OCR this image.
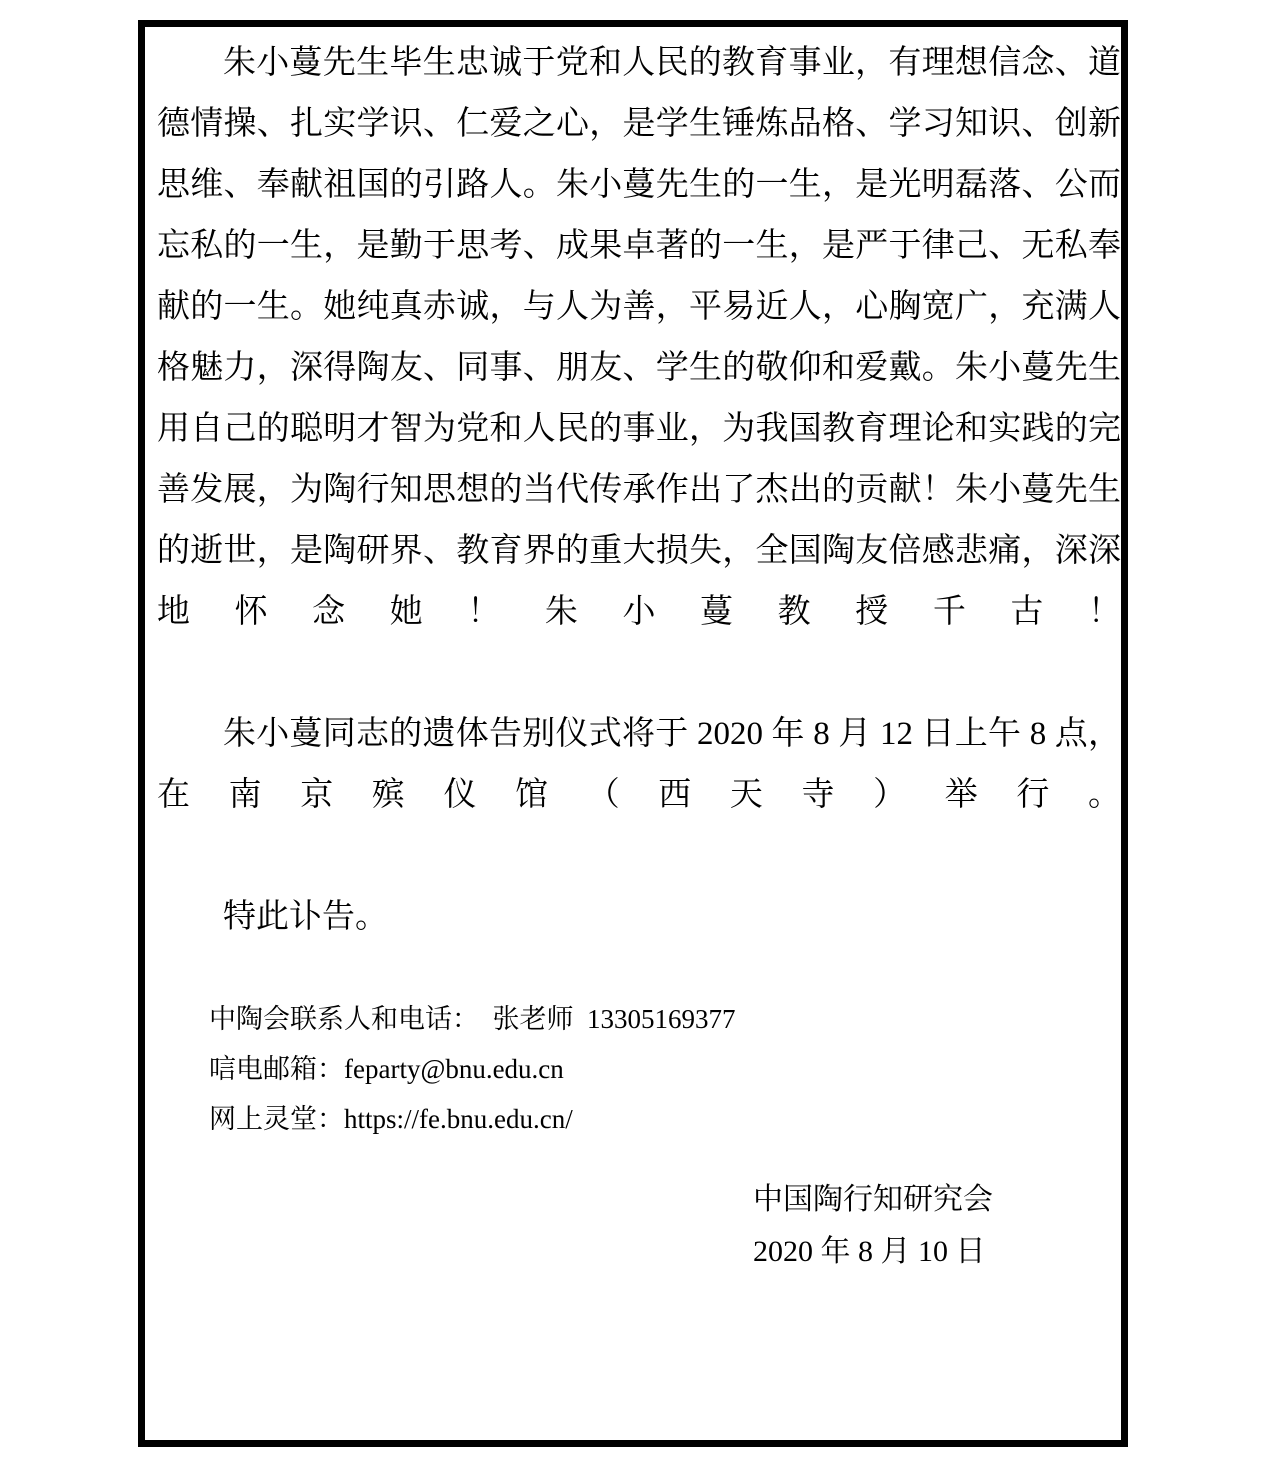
朱小蔓先生毕生忠诚于党和人民的教育事业，有理想信念、道德情操、扎实学识、仁爱之心，是学生锤炼品格、学习知识、创新思维、奉献祖国的引路人。朱小蔓先生的一生，是光明磊落、公而忘私的一生，是勤于思考、成果卓著的一生，是严于律己、无私奉献的一生。她纯真赤诚，与人为善，平易近人，心胸宽广，充满人格魅力，深得陶友、同事、朋友、学生的敬仰和爱戴。朱小蔓先生用自己的聪明才智为党和人民的事业，为我国教育理论和实践的完善发展，为陶行知思想的当代传承作出了杰出的贡献！朱小蔓先生的逝世，是陶研界、教育界的重大损失，全国陶友倍感悲痛，深深地怀念她！朱小蔓教授千古！

朱小蔓同志的遗体告别仪式将于 2020 年 8 月 12 日上午 8 点，在南京殡仪馆（西天寺）举行。

特此讣告。

中陶会联系人和电话：  张老师  13305169377

唁电邮箱：feparty@bnu.edu.cn

网上灵堂：https://fe.bnu.edu.cn/

中国陶行知研究会

2020 年 8 月 10 日
